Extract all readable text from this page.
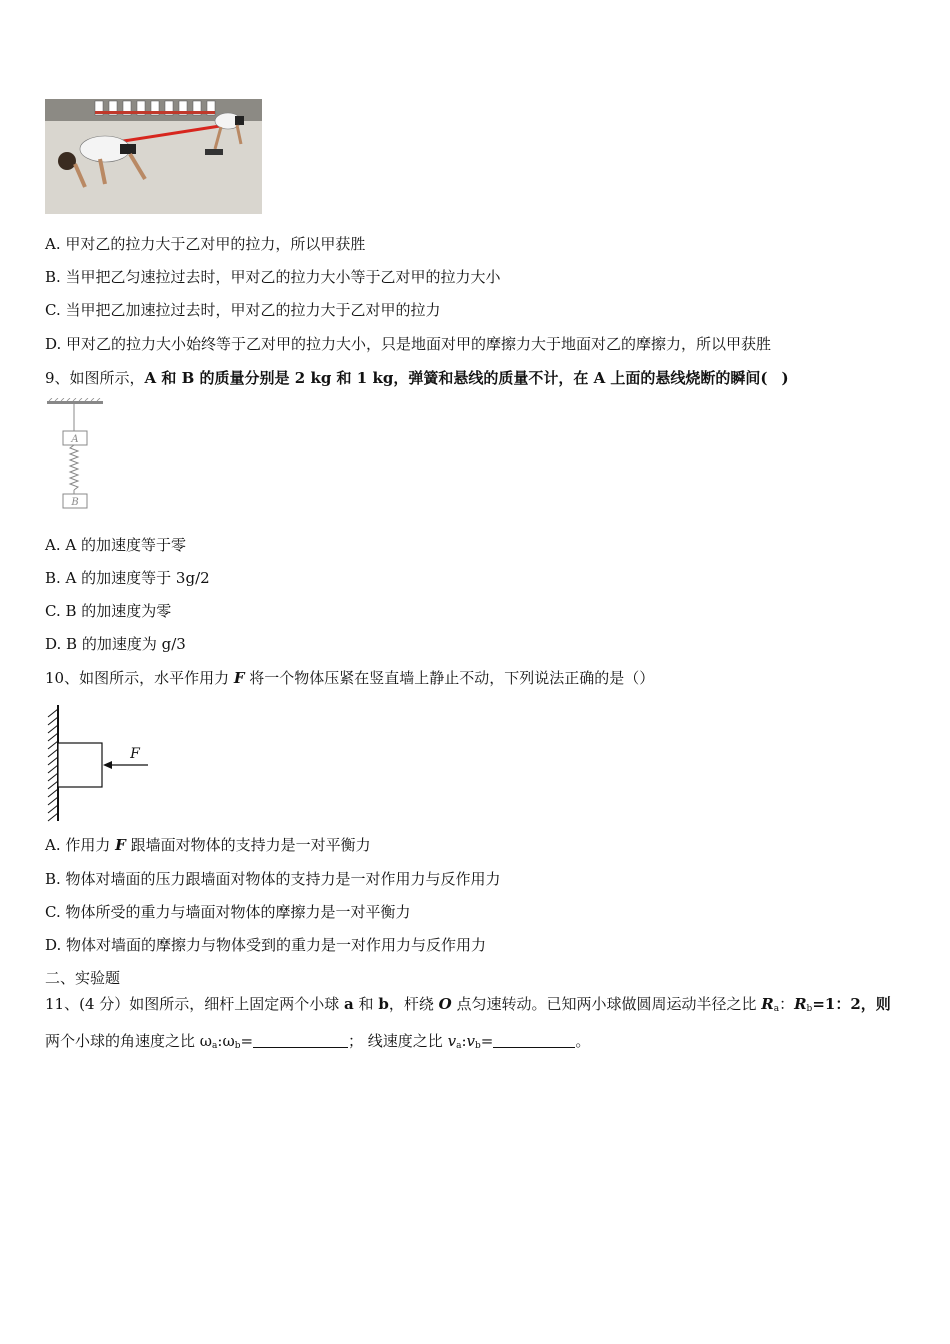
A. 甲对乙的拉力大于乙对甲的拉力，所以甲获胜
B. 当甲把乙匀速拉过去时，甲对乙的拉力大小等于乙对甲的拉力大小
C. 当甲把乙加速拉过去时，甲对乙的拉力大于乙对甲的拉力
D. 甲对乙的拉力大小始终等于乙对甲的拉力大小，只是地面对甲的摩擦力大于地面对乙的摩擦力，所以甲获胜
9、如图所示，A 和 B 的质量分别是 2 kg 和 1 kg，弹簧和悬线的质量不计，在 A 上面的悬线烧断的瞬间( )
A
B
A. A 的加速度等于零
B. A 的加速度等于 3g/2
C. B 的加速度为零
D. B 的加速度为 g/3
10、如图所示，水平作用力 F 将一个物体压紧在竖直墙上静止不动，下列说法正确的是（）
F
A. 作用力 F 跟墙面对物体的支持力是一对平衡力
B. 物体对墙面的压力跟墙面对物体的支持力是一对作用力与反作用力
C. 物体所受的重力与墙面对物体的摩擦力是一对平衡力
D. 物体对墙面的摩擦力与物体受到的重力是一对作用力与反作用力
二、实验题
11、(4 分）如图所示，细杆上固定两个小球 a 和 b，杆绕 O 点匀速转动。已知两小球做圆周运动半径之比 $R_a$：$R_b=1$：2，则
两个小球的角速度之比 $\omega_a:\omega_b=$	； 线速度之比 $v_a:v_b=$	。
